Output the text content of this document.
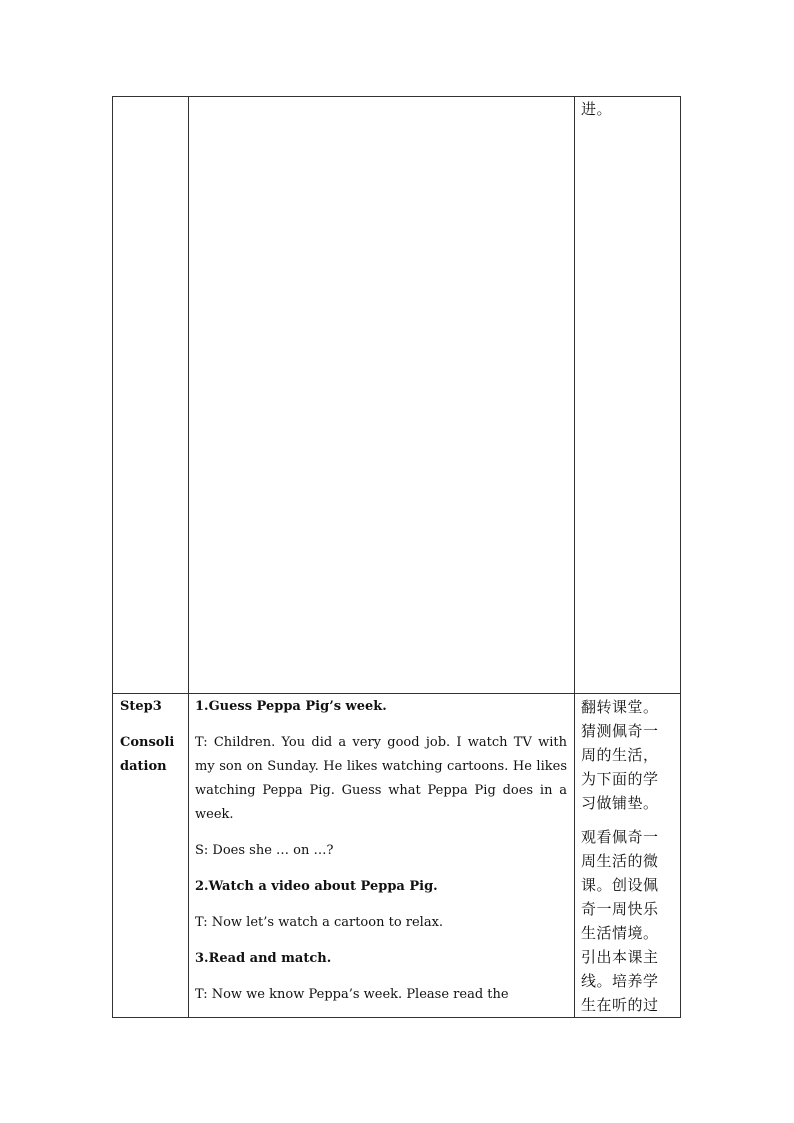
进。
Step3
Consoli
dation

1.Guess Peppa Pig’s week.

T: Children. You did a very good job. I watch TV with my son on Sunday. He likes watching cartoons. He likes watching Peppa Pig. Guess what Peppa Pig does in a week.

S: Does she … on …?

2.Watch a video about Peppa Pig.

T: Now let’s watch a cartoon to relax.

3.Read and match.

T: Now we know Peppa’s week. Please read the

翻转课堂。猜测佩奇一周的生活，为下面的学习做铺垫。

观看佩奇一周生活的微课。创设佩奇一周快乐生活情境。引出本课主线。培养学生在听的过
